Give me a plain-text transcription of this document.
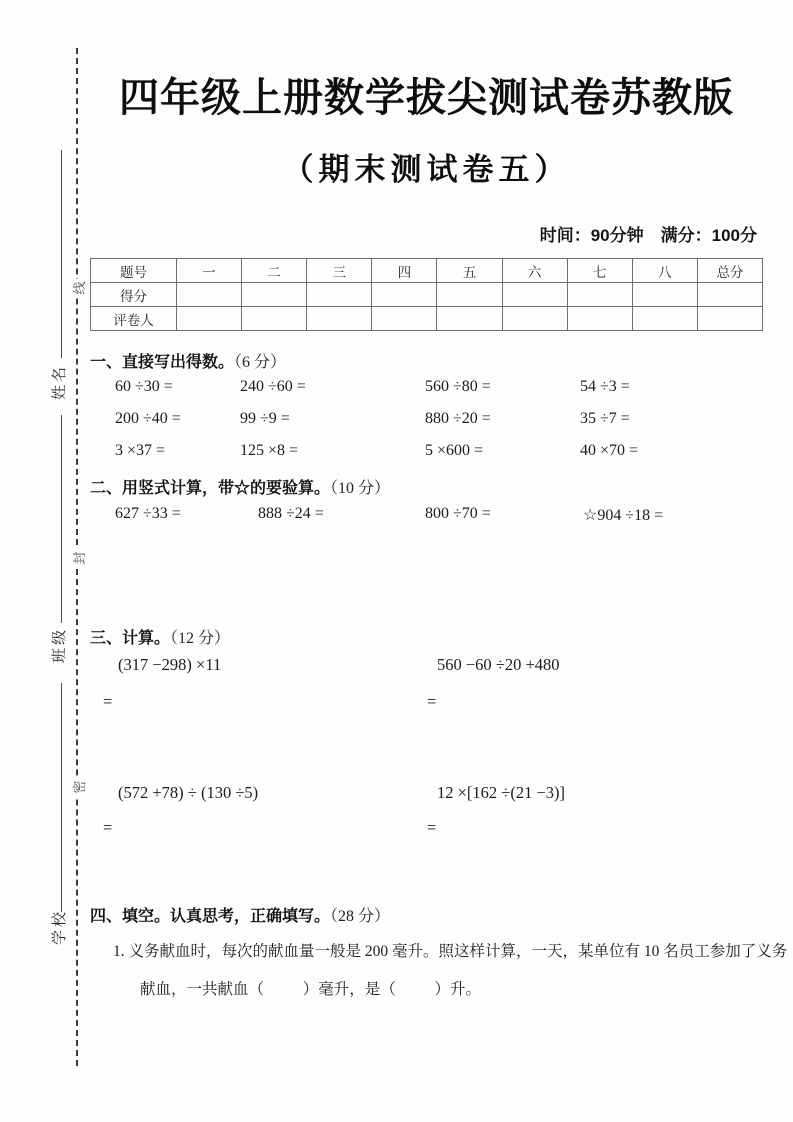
姓名
班级
学校
线
封
密
四年级上册数学拔尖测试卷苏教版
（期末测试卷五）
时间：90分钟　满分：100分
题号	一	二	三	四	五	六	七	八	总分
得分									
评卷人									
一、直接写出得数。（6 分）
60 ÷30 =	240 ÷60 =	560 ÷80 =	54 ÷3 =
200 ÷40 =	99 ÷9 =	880 ÷20 =	35 ÷7 =
3 ×37 =	125 ×8 =	5 ×600 =	40 ×70 =
二、用竖式计算，带☆的要验算。（10 分）
627 ÷33 =	888 ÷24 =	800 ÷70 =	☆904 ÷18 =
三、计算。（12 分）
(317 −298) ×11	560 −60 ÷20 +480
=	=
(572 +78) ÷ (130 ÷5)	12 ×[162 ÷(21 −3)]
=	=
四、填空。认真思考，正确填写。（28 分）
1. 义务献血时，每次的献血量一般是 200 毫升。照这样计算，一天，某单位有 10 名员工参加了义务
献血，一共献血（          ）毫升，是（          ）升。
